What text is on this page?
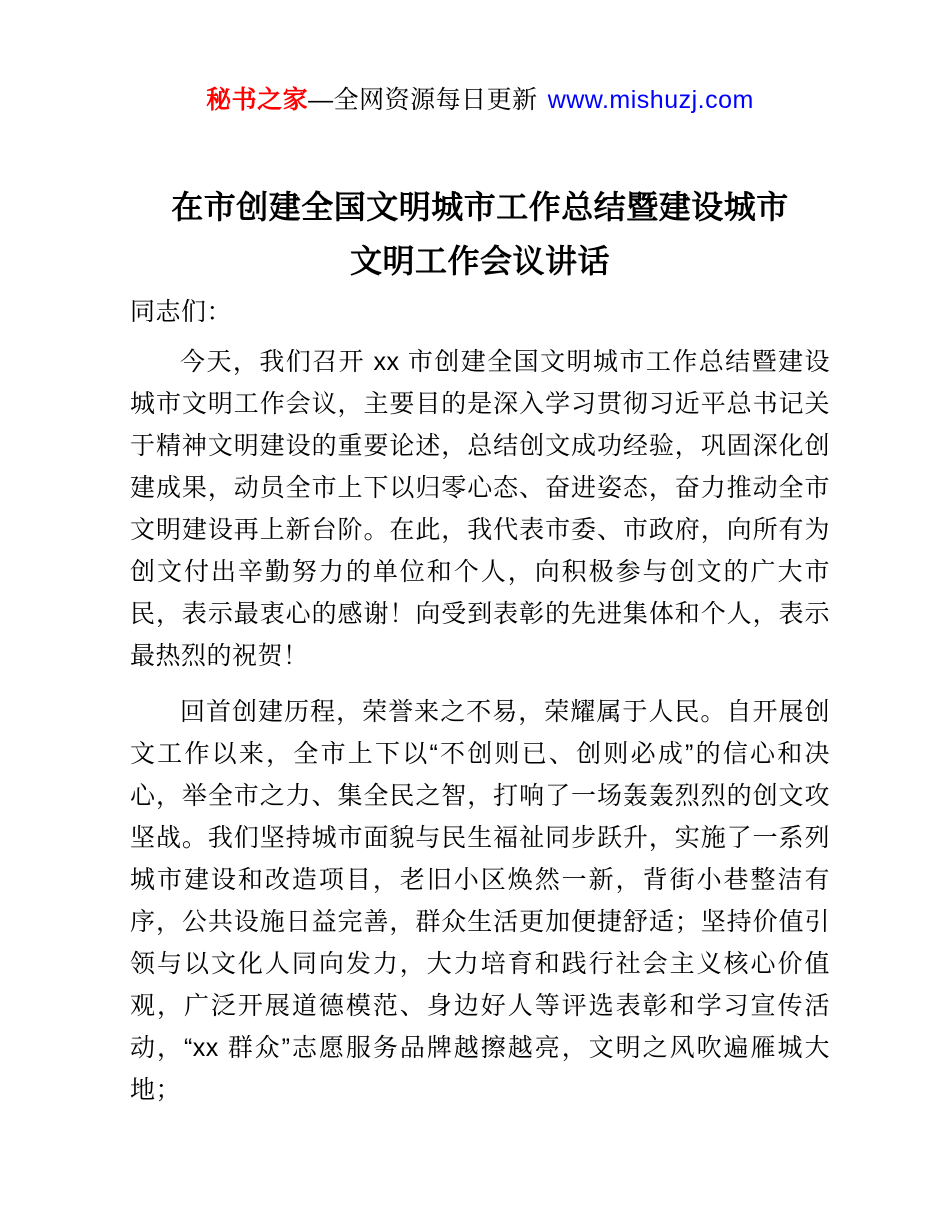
秘书之家—全网资源每日更新 www.mishuzj.com
在市创建全国文明城市工作总结暨建设城市
文明工作会议讲话

同志们：

今天，我们召开 xx 市创建全国文明城市工作总结暨建设城市文明工作会议，主要目的是深入学习贯彻习近平总书记关于精神文明建设的重要论述，总结创文成功经验，巩固深化创建成果，动员全市上下以归零心态、奋进姿态，奋力推动全市文明建设再上新台阶。在此，我代表市委、市政府，向所有为创文付出辛勤努力的单位和个人，向积极参与创文的广大市民，表示最衷心的感谢！向受到表彰的先进集体和个人，表示最热烈的祝贺！

回首创建历程，荣誉来之不易，荣耀属于人民。自开展创文工作以来，全市上下以“不创则已、创则必成”的信心和决心，举全市之力、集全民之智，打响了一场轰轰烈烈的创文攻坚战。我们坚持城市面貌与民生福祉同步跃升，实施了一系列城市建设和改造项目，老旧小区焕然一新，背街小巷整洁有序，公共设施日益完善，群众生活更加便捷舒适；坚持价值引领与以文化人同向发力，大力培育和践行社会主义核心价值观，广泛开展道德模范、身边好人等评选表彰和学习宣传活动，“xx 群众”志愿服务品牌越擦越亮，文明之风吹遍雁城大地；
